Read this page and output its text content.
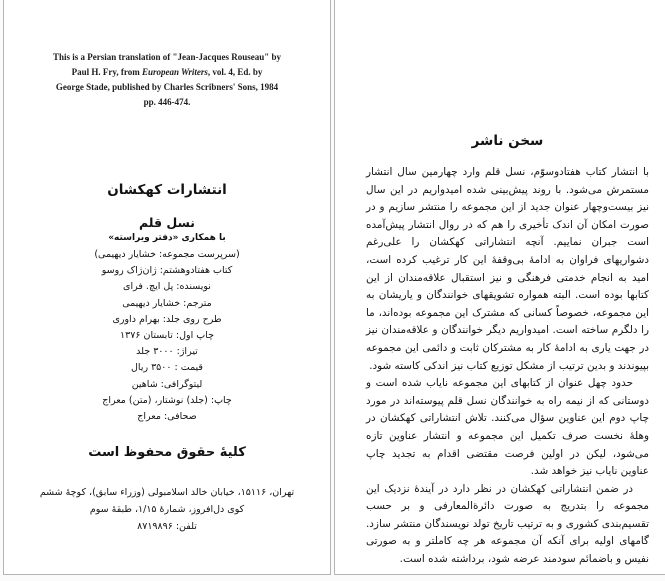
This is a Persian translation of "Jean-Jacques Rouseau" by
Paul H. Fry, from European Writers, vol. 4, Ed. by
George Stade, published by Charles Scribners' Sons, 1984
pp. 446-474.
انتشارات کهکشان
نسل قلم
با همکاری «دفتر ویراسته»
(سرپرست مجموعه: خشایار دیهیمی)
کتاب هفتادوهشتم: ژان‌ژاک روسو
نویسنده: پل ایچ. فرای
مترجم: خشایار دیهیمی
طرح روی جلد: بهرام داوری
چاپ اول: تابستان ۱۳۷۶
تیراژ: ۳۰۰۰ جلد
قیمت : ۳۵۰۰ ریال
لیتوگرافی: شاهین
چاپ: (جلد) نوشتار، (متن) معراج
صحافی: معراج
کلیهٔ حقوق محفوظ است
تهران، ۱۵۱۱۶، خیابان خالد اسلامبولی (وزراء سابق)، کوچهٔ ششم
کوی دل‌افروز، شمارهٔ ۱/۱۵، طبقهٔ سوم
تلفن: ۸۷۱۹۸۹۶
سخن ناشر

با انتشار کتاب هفتادوسوّم، نسل قلم وارد چهارمین سال انتشار مستمرش می‌شود. با روند پیش‌بینی شده امیدواریم در این سال نیز بیست‌وچهار عنوان جدید از این مجموعه را منتشر سازیم و در صورت امکان آن اندک تأخیری را هم که در روال انتشار پیش‌آمده است جبران نماییم. آنچه انتشاراتی کهکشان را علی‌رغم دشواریهای فراوان به ادامهٔ بی‌وقفهٔ این کار ترغیب کرده است، امید به انجام خدمتی فرهنگی و نیز استقبال علاقه‌مندان از این کتابها بوده است. البته همواره تشویقهای خوانندگان و یاریشان به این مجموعه، خصوصاً کسانی که مشترک این مجموعه بوده‌اند، ما را دلگرم ساخته است. امیدواریم دیگر خوانندگان و علاقه‌مندان نیز در جهت یاری به ادامهٔ کار به مشترکان ثابت و دائمی این مجموعه بپیوندند و بدین ترتیب از مشکل توزیع کتاب نیز اندکی کاسته شود.

حدود چهل عنوان از کتابهای این مجموعه نایاب شده است و دوستانی که از نیمه راه به خوانندگان نسل قلم پیوسته‌اند در مورد چاپ دوم این عناوین سؤال می‌کنند. تلاش انتشاراتی کهکشان در وهلهٔ نخست صرف تکمیل این مجموعه و انتشار عناوین تازه می‌شود، لیکن در اولین فرصت مقتضی اقدام به تجدید چاپ عناوین نایاب نیز خواهد شد.

در ضمن انتشاراتی کهکشان در نظر دارد در آیندهٔ نزدیک این مجموعه را بتدریج به صورت دائرةالمعارفی و بر حسب تقسیم‌بندی کشوری و به ترتیب تاریخ تولد نویسندگان منتشر سازد. گامهای اولیه برای آنکه آن مجموعه هر چه کاملتر و به صورتی نفیس و باضمائم سودمند عرضه شود، برداشته شده است.
